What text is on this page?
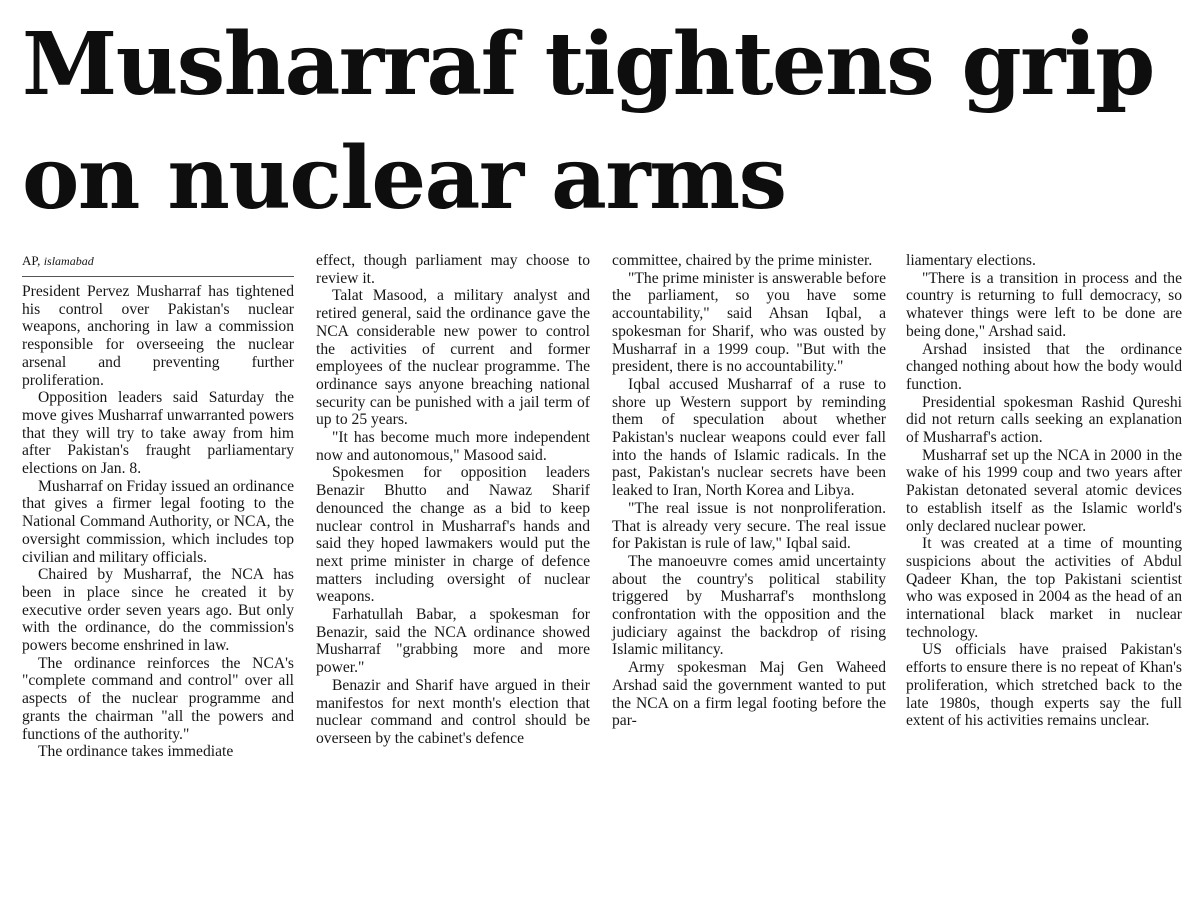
Musharraf tightens grip
on nuclear arms
AP, islamabad

President Pervez Musharraf has tightened his control over Pakistan's nuclear weapons, anchoring in law a commission responsible for overseeing the nuclear arsenal and preventing further proliferation.

Opposition leaders said Saturday the move gives Musharraf unwarranted powers that they will try to take away from him after Pakistan's fraught parliamentary elections on Jan. 8.

Musharraf on Friday issued an ordinance that gives a firmer legal footing to the National Command Authority, or NCA, the oversight commission, which includes top civilian and military officials.

Chaired by Musharraf, the NCA has been in place since he created it by executive order seven years ago. But only with the ordinance, do the commission's powers become enshrined in law.

The ordinance reinforces the NCA's "complete command and control" over all aspects of the nuclear programme and grants the chairman "all the powers and functions of the authority."

The ordinance takes immediate

effect, though parliament may choose to review it.

Talat Masood, a military analyst and retired general, said the ordinance gave the NCA considerable new power to control the activities of current and former employees of the nuclear programme. The ordinance says anyone breaching national security can be punished with a jail term of up to 25 years.

"It has become much more independent now and autonomous," Masood said.

Spokesmen for opposition leaders Benazir Bhutto and Nawaz Sharif denounced the change as a bid to keep nuclear control in Musharraf's hands and said they hoped lawmakers would put the next prime minister in charge of defence matters including oversight of nuclear weapons.

Farhatullah Babar, a spokesman for Benazir, said the NCA ordinance showed Musharraf "grabbing more and more power."

Benazir and Sharif have argued in their manifestos for next month's election that nuclear command and control should be overseen by the cabinet's defence

committee, chaired by the prime minister.

"The prime minister is answerable before the parliament, so you have some accountability," said Ahsan Iqbal, a spokesman for Sharif, who was ousted by Musharraf in a 1999 coup. "But with the president, there is no accountability."

Iqbal accused Musharraf of a ruse to shore up Western support by reminding them of speculation about whether Pakistan's nuclear weapons could ever fall into the hands of Islamic radicals. In the past, Pakistan's nuclear secrets have been leaked to Iran, North Korea and Libya.

"The real issue is not nonproliferation. That is already very secure. The real issue for Pakistan is rule of law," Iqbal said.

The manoeuvre comes amid uncertainty about the country's political stability triggered by Musharraf's monthslong confrontation with the opposition and the judiciary against the backdrop of rising Islamic militancy.

Army spokesman Maj Gen Waheed Arshad said the government wanted to put the NCA on a firm legal footing before the par-

liamentary elections.

"There is a transition in process and the country is returning to full democracy, so whatever things were left to be done are being done," Arshad said.

Arshad insisted that the ordinance changed nothing about how the body would function.

Presidential spokesman Rashid Qureshi did not return calls seeking an explanation of Musharraf's action.

Musharraf set up the NCA in 2000 in the wake of his 1999 coup and two years after Pakistan detonated several atomic devices to establish itself as the Islamic world's only declared nuclear power.

It was created at a time of mounting suspicions about the activities of Abdul Qadeer Khan, the top Pakistani scientist who was exposed in 2004 as the head of an international black market in nuclear technology.

US officials have praised Pakistan's efforts to ensure there is no repeat of Khan's proliferation, which stretched back to the late 1980s, though experts say the full extent of his activities remains unclear.
